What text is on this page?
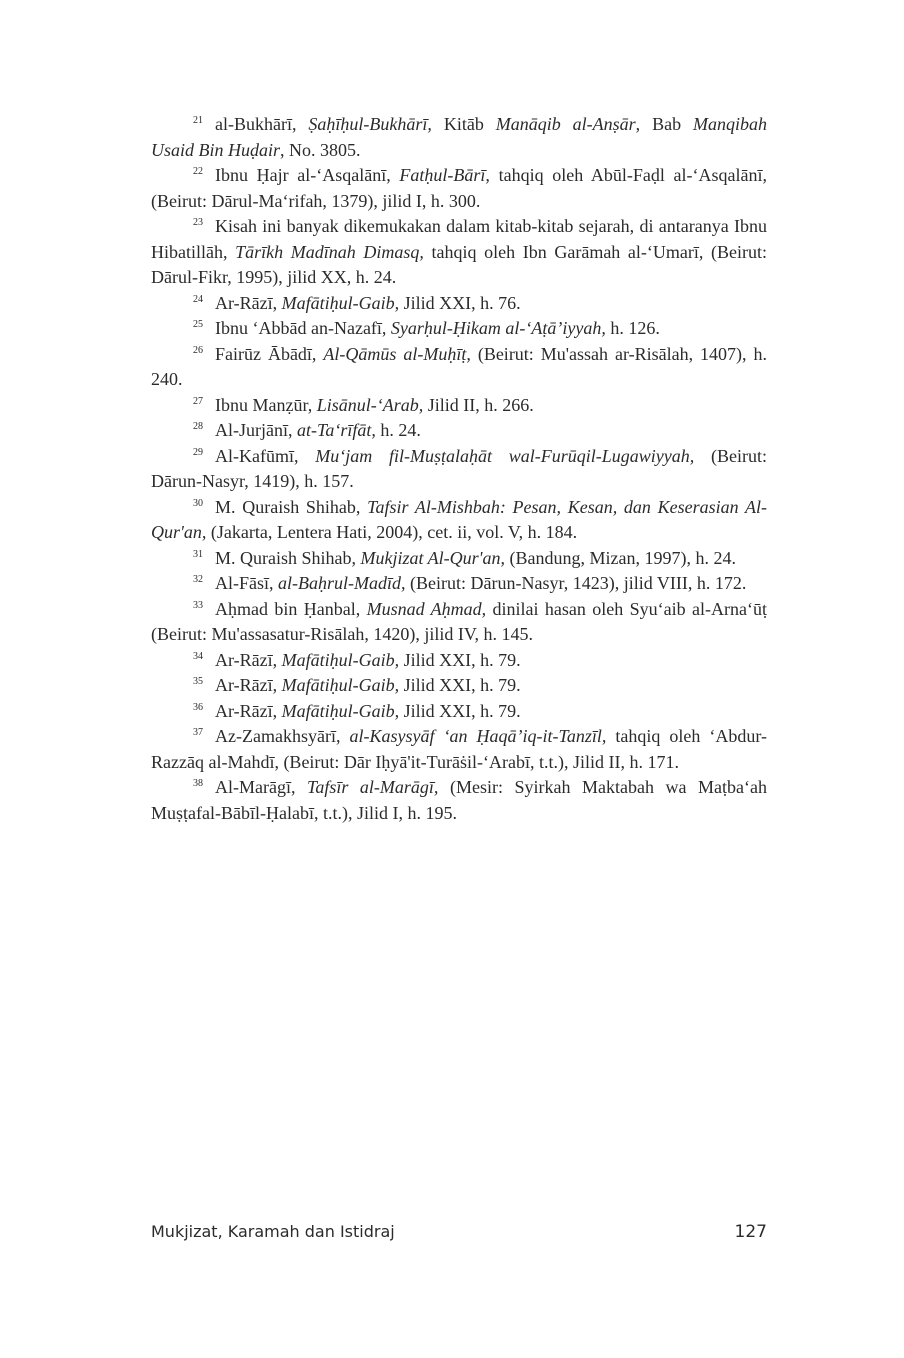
$^{21}$ al-Bukhārī, Ṣaḥīḥul-Bukhārī, Kitāb Manāqib al-Anṣār, Bab Manqibah Usaid Bin Huḍair, No. 3805.

$^{22}$ Ibnu Ḥajr al-‘Asqalānī, Fatḥul-Bārī, tahqiq oleh Abūl-Faḍl al-‘Asqalānī, (Beirut: Dārul-Ma‘rifah, 1379), jilid I, h. 300.

$^{23}$ Kisah ini banyak dikemukakan dalam kitab-kitab sejarah, di antaranya Ibnu Hibatillāh, Tārīkh Madīnah Dimasq, tahqiq oleh Ibn Garāmah al-‘Umarī, (Beirut: Dārul-Fikr, 1995), jilid XX, h. 24.

$^{24}$ Ar-Rāzī, Mafātiḥul-Gaib, Jilid XXI, h. 76.

$^{25}$ Ibnu ‘Abbād an-Nazafī, Syarḥul-Ḥikam al-‘Aṭā’iyyah, h. 126.

$^{26}$ Fairūz Ābādī, Al-Qāmūs al-Muḥīṭ, (Beirut: Mu'assah ar-Risālah, 1407), h. 240.

$^{27}$ Ibnu Manẓūr, Lisānul-‘Arab, Jilid II, h. 266.

$^{28}$ Al-Jurjānī, at-Ta‘rīfāt, h. 24.

$^{29}$ Al-Kafūmī, Mu‘jam fil-Muṣṭalaḥāt wal-Furūqil-Lugawiyyah, (Beirut: Dārun-Nasyr, 1419), h. 157.

$^{30}$ M. Quraish Shihab, Tafsir Al-Mishbah: Pesan, Kesan, dan Keserasian Al-Qur'an, (Jakarta, Lentera Hati, 2004), cet. ii, vol. V, h. 184.

$^{31}$ M. Quraish Shihab, Mukjizat Al-Qur'an, (Bandung, Mizan, 1997), h. 24.

$^{32}$ Al-Fāsī, al-Baḥrul-Madīd, (Beirut: Dārun-Nasyr, 1423), jilid VIII, h. 172.

$^{33}$ Aḥmad bin Ḥanbal, Musnad Aḥmad, dinilai hasan oleh Syu‘aib al-Arna‘ūṭ (Beirut: Mu'assasatur-Risālah, 1420), jilid IV, h. 145.

$^{34}$ Ar-Rāzī, Mafātiḥul-Gaib, Jilid XXI, h. 79.

$^{35}$ Ar-Rāzī, Mafātiḥul-Gaib, Jilid XXI, h. 79.

$^{36}$ Ar-Rāzī, Mafātiḥul-Gaib, Jilid XXI, h. 79.

$^{37}$ Az-Zamakhsyārī, al-Kasysyāf ‘an Ḥaqā’iq-it-Tanzīl, tahqiq oleh ‘Abdur-Razzāq al-Mahdī, (Beirut: Dār Iḥyā'it-Turāṡil-‘Arabī, t.t.), Jilid II, h. 171.

$^{38}$ Al-Marāgī, Tafsīr al-Marāgī, (Mesir: Syirkah Maktabah wa Maṭba‘ah Muṣṭafal-Bābīl-Ḥalabī, t.t.), Jilid I, h. 195.

Mukjizat, Karamah dan Istidraj	127
